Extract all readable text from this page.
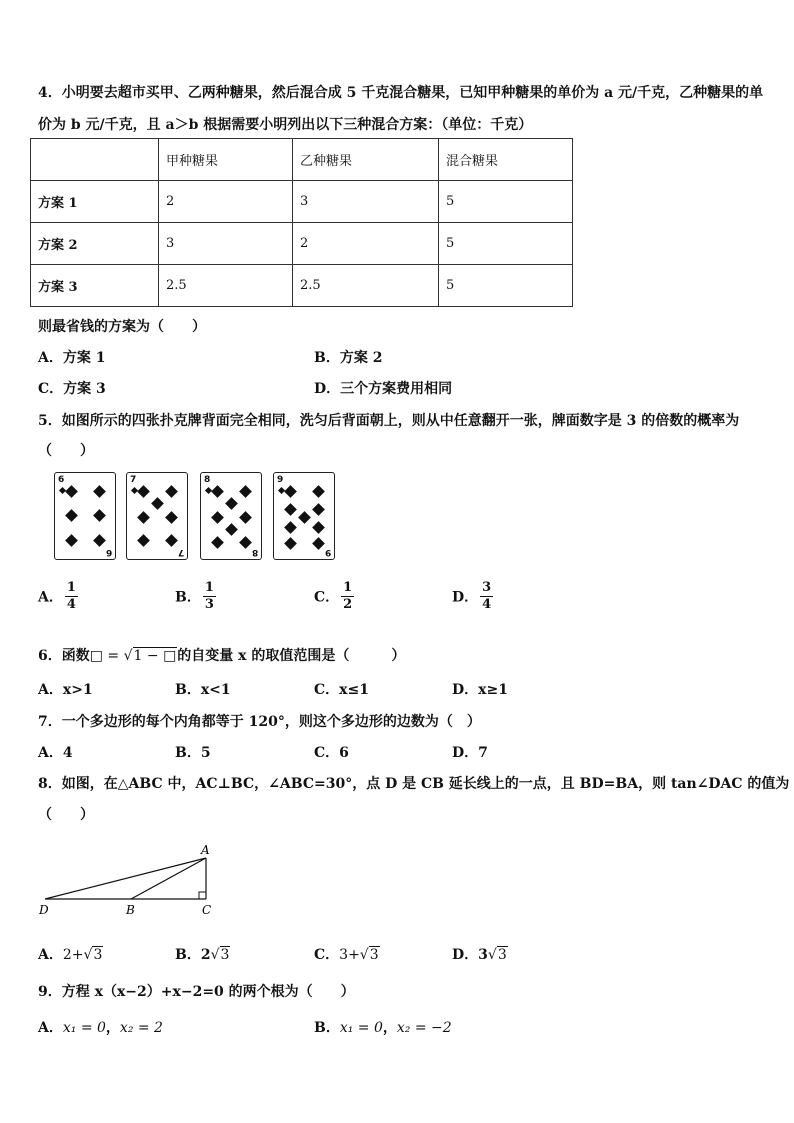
4．小明要去超市买甲、乙两种糖果，然后混合成 5 千克混合糖果，已知甲种糖果的单价为 a 元/千克，乙种糖果的单
价为 b 元/千克，且 a＞b 根据需要小明列出以下三种混合方案：（单位：千克）
	甲种糖果	乙种糖果	混合糖果
方案 1	2	3	5
方案 2	3	2	5
方案 3	2.5	2.5	5
则最省钱的方案为（　　）
A．方案 1	B．方案 2
C．方案 3	D．三个方案费用相同
5．如图所示的四张扑克牌背面完全相同，洗匀后背面朝上，则从中任意翻开一张，牌面数字是 3 的倍数的概率为
（　　）
6
6
7
7
8
8
9
9
A． $\frac{1}{4}$	B． $\frac{1}{3}$	C． $\frac{1}{2}$	D． $\frac{3}{4}$
6．函数□ = √1 − □的自变量 x 的取值范围是（　　　）
A．x>1	B．x<1	C．x≤1	D．x≥1
7．一个多边形的每个内角都等于 120°，则这个多边形的边数为（　）
A．4	B．5	C．6	D．7
8．如图，在△ABC 中，AC⊥BC，∠ABC=30°，点 D 是 CB 延长线上的一点，且 BD=BA，则 tan∠DAC 的值为
（　　）
A
B	C
D
A．2+√3	B．2√3	C．3+√3	D．3√3
9．方程 x（x−2）+x−2=0 的两个根为（　　）
A．x₁ = 0，x₂ = 2	B．x₁ = 0，x₂ = −2
